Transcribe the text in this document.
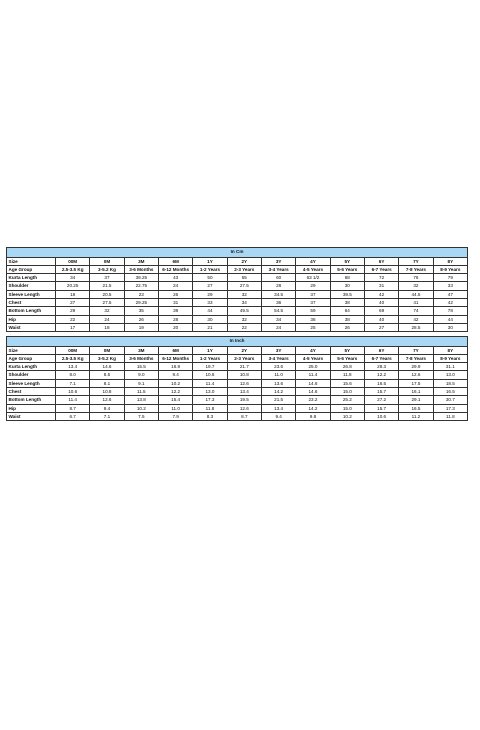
In Cm												
Size	00M	0M	3M	6M	1Y	2Y	3Y	4Y	5Y	6Y	7Y	8Y
Age Group	2.5-3.5 Kg	3-5.2 Kg	3-6 Months	6-12 Months	1-2 Years	2-3 Years	3-4 Years	4-5 Years	5-6 Years	6-7 Years	7-8 Years	8-9 Years
Kurta Length	34	37	39.25	43	50	55	60	63 1/2	68	72	76	79
Shoulder	20.25	21.5	22.75	24	27	27.5	28	29	30	31	32	33
Sleeve Length	18	20.5	23	26	29	32	34.5	37	39.5	42	44.5	47
Chest	27	27.5	29.25	31	33	34	36	37	38	40	41	42
Bottom Length	29	32	35	39	44	49.5	54.5	59	64	69	74	78
Hip	22	24	26	28	30	32	34	36	38	40	42	44
Waist	17	18	19	20	21	22	24	25	26	27	28.5	30
In Inch												
Size	00M	0M	3M	6M	1Y	2Y	3Y	4Y	5Y	6Y	7Y	8Y
Age Group	2.5-3.5 Kg	3-5.2 Kg	3-6 Months	6-12 Months	1-2 Years	2-3 Years	3-4 Years	4-5 Years	5-6 Years	6-7 Years	7-8 Years	8-9 Years
Kurta Length	13.4	14.6	15.5	16.9	19.7	21.7	23.6	25.0	26.8	28.3	29.9	31.1
Shoulder	8.0	8.5	9.0	9.4	10.6	10.8	11.0	11.4	11.8	12.2	12.6	13.0
Sleeve Length	7.1	8.1	9.1	10.2	11.4	12.6	13.6	14.6	15.6	16.5	17.5	18.5
Chest	10.6	10.8	11.5	12.2	13.0	13.4	14.2	14.6	15.0	15.7	16.1	16.5
Bottom Length	11.4	12.6	13.8	15.4	17.3	19.5	21.5	23.2	25.2	27.2	29.1	30.7
Hip	8.7	9.4	10.2	11.0	11.8	12.6	13.4	14.2	15.0	15.7	16.5	17.3
Waist	6.7	7.1	7.5	7.9	8.3	8.7	9.4	9.8	10.2	10.6	11.2	11.8
